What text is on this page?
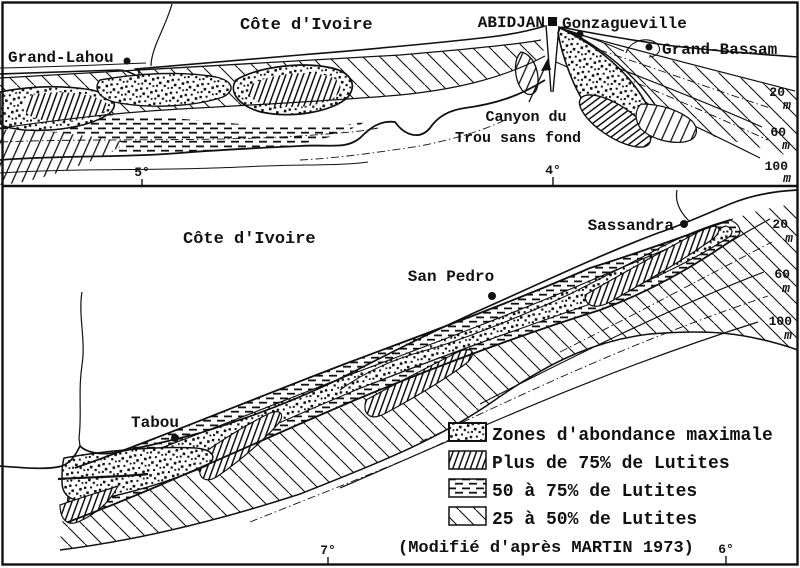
Côte d'Ivoire
Grand-Lahou
ABIDJAN Gonzagueville
Grand-Bassam
Canyon du
Trou sans fond
20
m
60
m
100
m
5°	4°
Côte d'Ivoire
Sassandra
San Pedro
Tabou
20
m
60
m
100
m
7°	6°
Zones d'abondance maximale
Plus de 75% de Lutites
50 à 75% de Lutites
25 à 50% de Lutites
(Modifié d'après MARTIN 1973)
